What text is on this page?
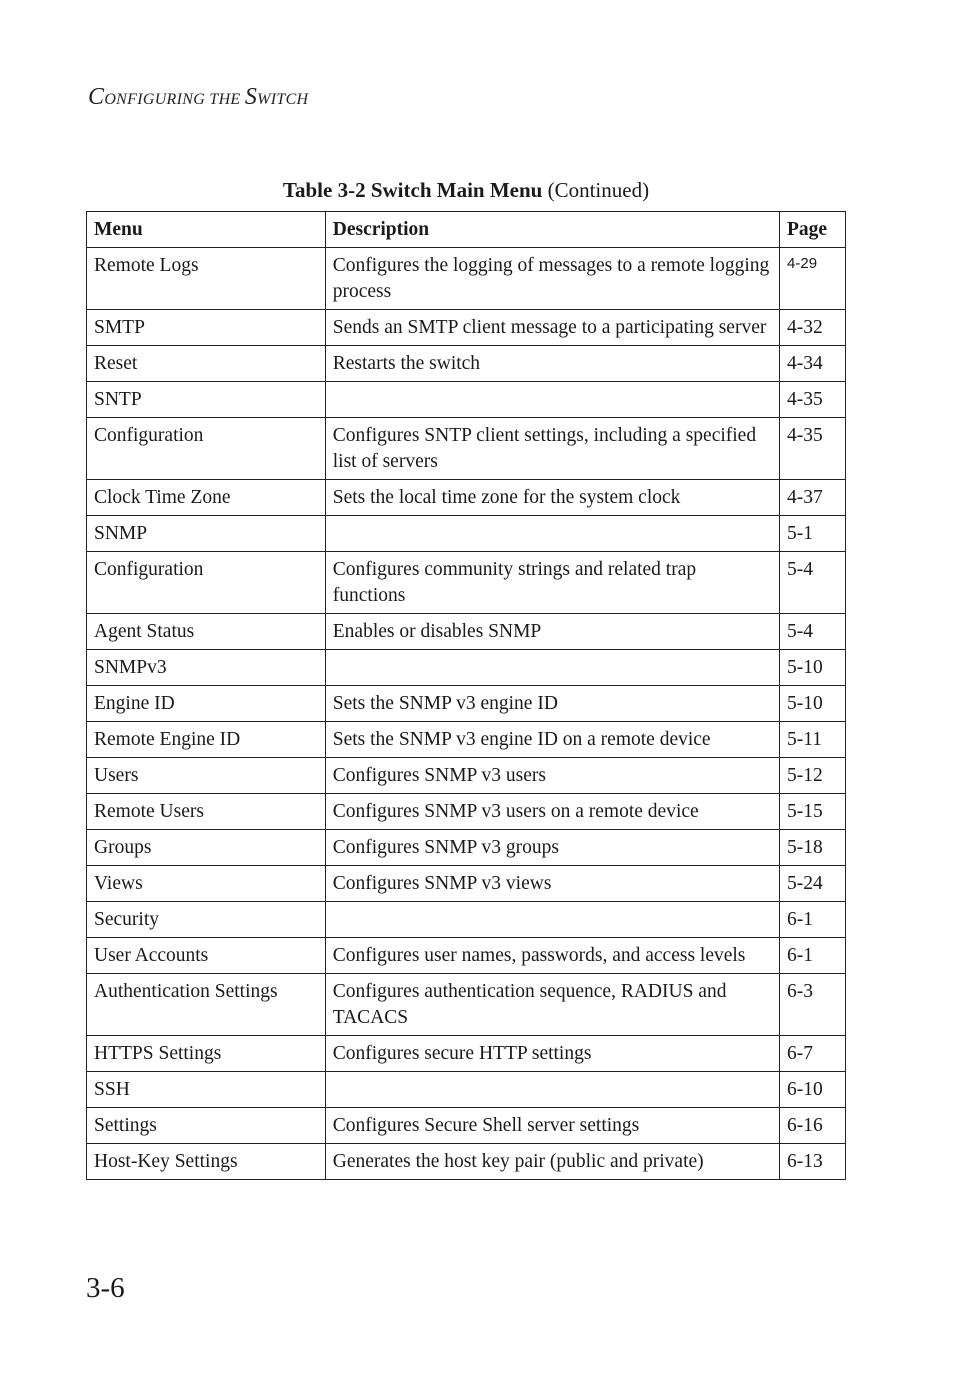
CONFIGURING THE SWITCH
Table 3-2 Switch Main Menu (Continued)
Menu	Description	Page
Remote Logs	Configures the logging of messages to a remote logging process	4-29
SMTP	Sends an SMTP client message to a participating server	4-32
Reset	Restarts the switch	4-34
SNTP		4-35
Configuration	Configures SNTP client settings, including a specified list of servers	4-35
Clock Time Zone	Sets the local time zone for the system clock	4-37
SNMP		5-1
Configuration	Configures community strings and related trap functions	5-4
Agent Status	Enables or disables SNMP	5-4
SNMPv3		5-10
Engine ID	Sets the SNMP v3 engine ID	5-10
Remote Engine ID	Sets the SNMP v3 engine ID on a remote device	5-11
Users	Configures SNMP v3 users	5-12
Remote Users	Configures SNMP v3 users on a remote device	5-15
Groups	Configures SNMP v3 groups	5-18
Views	Configures SNMP v3 views	5-24
Security		6-1
User Accounts	Configures user names, passwords, and access levels	6-1
Authentication Settings	Configures authentication sequence, RADIUS and TACACS	6-3
HTTPS Settings	Configures secure HTTP settings	6-7
SSH		6-10
Settings	Configures Secure Shell server settings	6-16
Host-Key Settings	Generates the host key pair (public and private)	6-13
3-6
